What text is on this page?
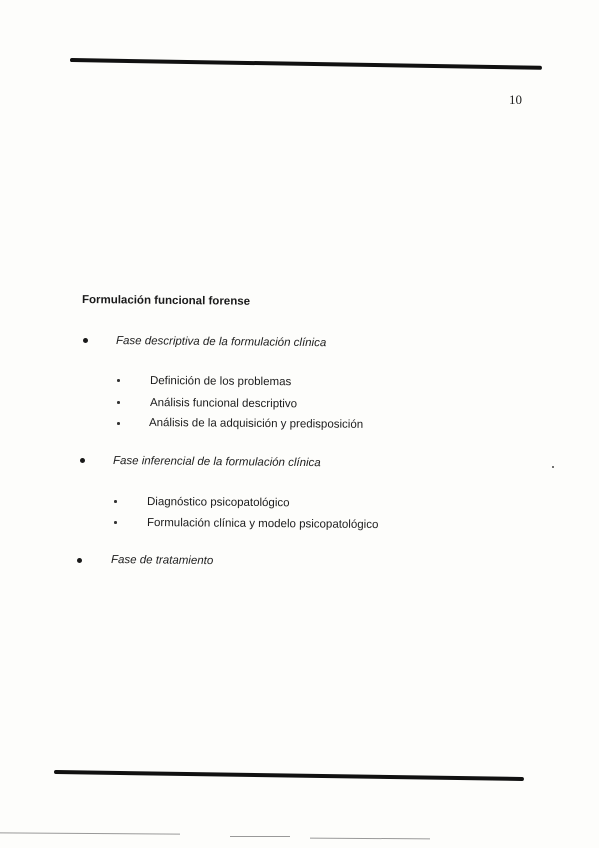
10
Formulación funcional forense
Fase descriptiva de la formulación clínica
Definición de los problemas
Análisis funcional descriptivo
Análisis de la adquisición y predisposición
Fase inferencial de la formulación clínica
Diagnóstico psicopatológico
Formulación clínica y modelo psicopatológico
Fase de tratamiento
